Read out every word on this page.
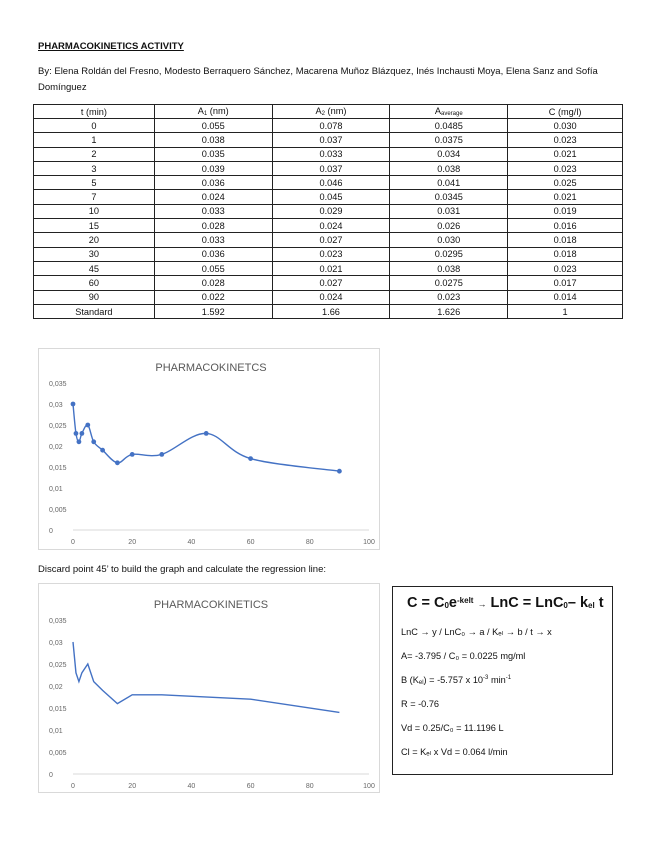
PHARMACOKINETICS ACTIVITY
By: Elena Roldán del Fresno, Modesto Berraquero Sánchez, Macarena Muñoz Blázquez, Inés Inchausti Moya, Elena Sanz and Sofía Domínguez
t (min)	$A_1$ (nm)	$A_2$ (nm)	$A_{average}$	C (mg/l)
0	0.055	0.078	0.0485	0.030
1	0.038	0.037	0.0375	0.023
2	0.035	0.033	0.034	0.021
3	0.039	0.037	0.038	0.023
5	0.036	0.046	0.041	0.025
7	0.024	0.045	0.0345	0.021
10	0.033	0.029	0.031	0.019
15	0.028	0.024	0.026	0.016
20	0.033	0.027	0.030	0.018
30	0.036	0.023	0.0295	0.018
45	0.055	0.021	0.038	0.023
60	0.028	0.027	0.0275	0.017
90	0.022	0.024	0.023	0.014
Standard	1.592	1.66	1.626	1
PHARMACOKINETCS
0
0,005
0,01
0,015
0,02
0,025
0,03
0,035
0	20	40	60	80	100
Discard point 45’ to build the graph and calculate the regression line:
PHARMACOKINETICS
0
0,005
0,01
0,015
0,02
0,025
0,03
0,035
0	20	40	60	80	100
$C = C_0e^{-kelt}$ → LnC = LnC$_0$– $k_{el}$ t
LnC → y / LnC₀ → a / Kₑₗ → b / t → x
A= -3.795 / C₀ = 0.0225 mg/ml
B $(K_{el}) = -5.757$ x $10^{-3}$ $\min^{-1}$
R = -0.76
Vd = 0.25/C₀ = 11.1196 L
Cl = Kₑₗ x Vd = 0.064 l/min
